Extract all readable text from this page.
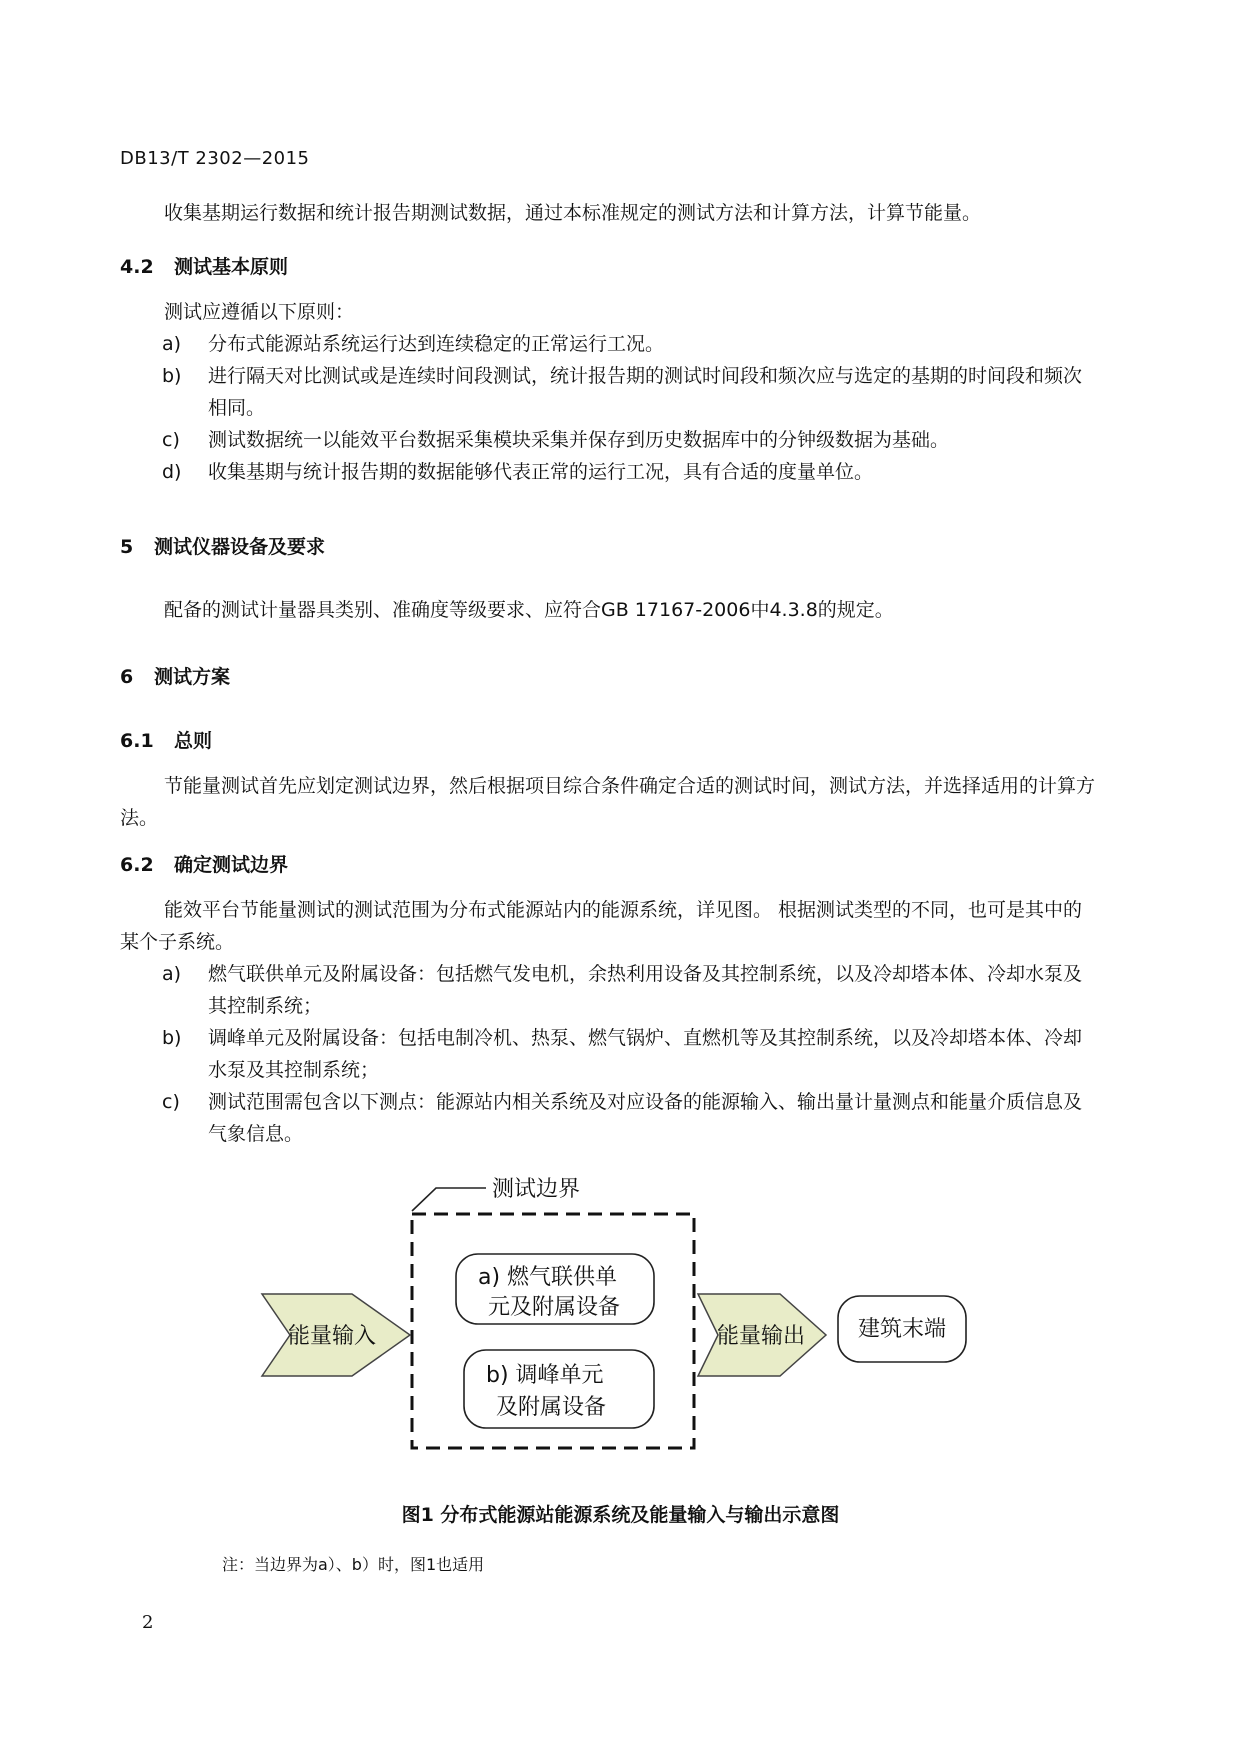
DB13/T 2302—2015
收集基期运行数据和统计报告期测试数据，通过本标准规定的测试方法和计算方法，计算节能量。
4.2 测试基本原则
测试应遵循以下原则：
a) 分布式能源站系统运行达到连续稳定的正常运行工况。
b) 进行隔天对比测试或是连续时间段测试，统计报告期的测试时间段和频次应与选定的基期的时间段和频次相同。
c) 测试数据统一以能效平台数据采集模块采集并保存到历史数据库中的分钟级数据为基础。
d) 收集基期与统计报告期的数据能够代表正常的运行工况，具有合适的度量单位。
5 测试仪器设备及要求
配备的测试计量器具类别、准确度等级要求、应符合GB 17167-2006中4.3.8的规定。
6 测试方案
6.1 总则
节能量测试首先应划定测试边界，然后根据项目综合条件确定合适的测试时间，测试方法，并选择适用的计算方法。
6.2 确定测试边界
能效平台节能量测试的测试范围为分布式能源站内的能源系统，详见图。 根据测试类型的不同，也可是其中的某个子系统。
a) 燃气联供单元及附属设备：包括燃气发电机，余热利用设备及其控制系统，以及冷却塔本体、冷却水泵及其控制系统；
b) 调峰单元及附属设备：包括电制冷机、热泵、燃气锅炉、直燃机等及其控制系统，以及冷却塔本体、冷却水泵及其控制系统；
c) 测试范围需包含以下测点：能源站内相关系统及对应设备的能源输入、输出量计量测点和能量介质信息及气象信息。
测试边界
a) 燃气联供单
元及附属设备
b) 调峰单元
及附属设备
能量输入	能量输出 建筑末端
图1 分布式能源站能源系统及能量输入与输出示意图
注：当边界为a）、b）时，图1也适用
2
